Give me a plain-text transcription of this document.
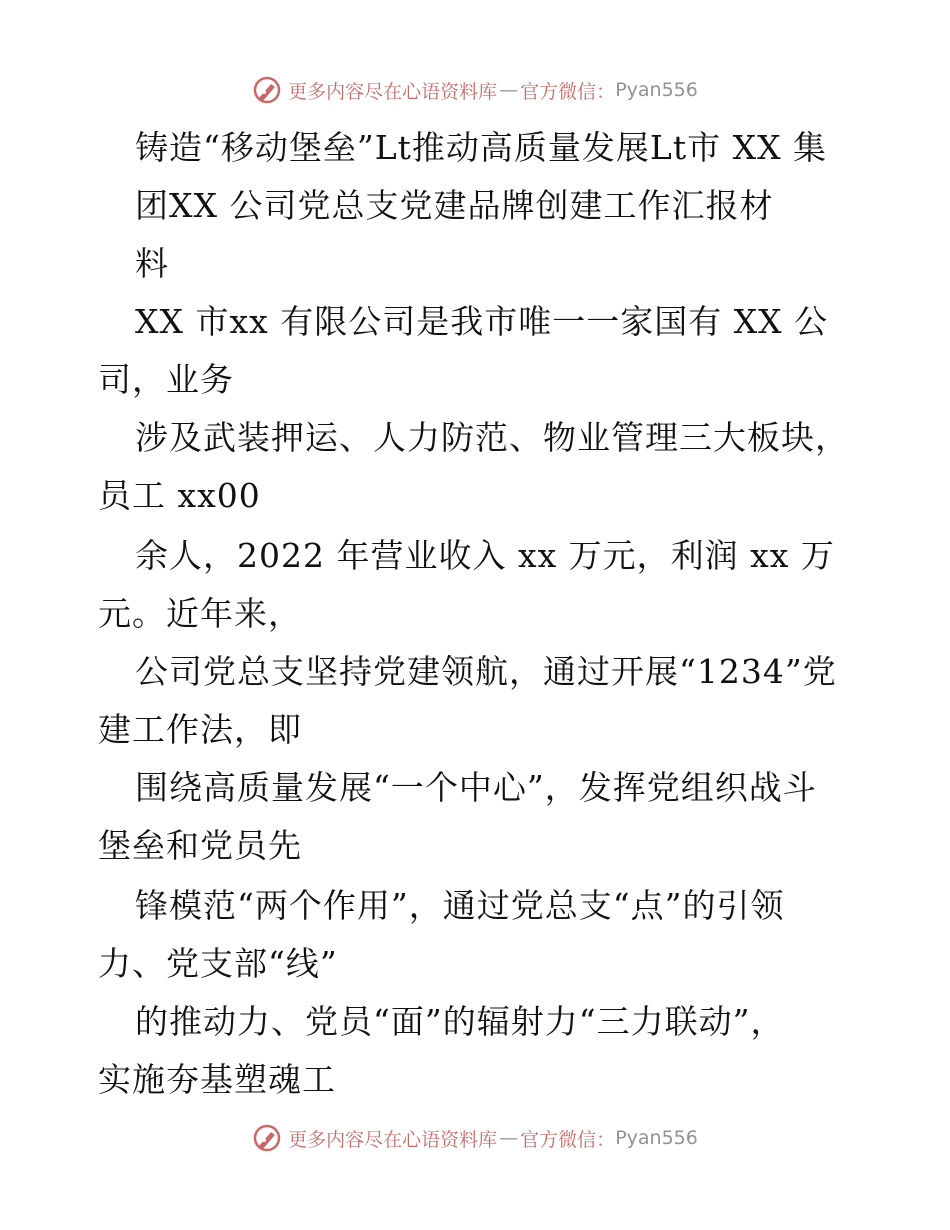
更多内容尽在心语资料库 — 官方微信： Pyan556
铸造“移动堡垒”Lt推动高质量发展Lt市 XX 集
团XX 公司党总支党建品牌创建工作汇报材
料
XX 市xx 有限公司是我市唯一一家国有 XX 公
司，业务
涉及武装押运、人力防范、物业管理三大板块，
员工 xx00
余人，2022 年营业收入 xx 万元，利润 xx 万
元。近年来，
公司党总支坚持党建领航，通过开展“1234”党
建工作法，即
围绕高质量发展“一个中心”，发挥党组织战斗
堡垒和党员先
锋模范“两个作用”，通过党总支“点”的引领
力、党支部“线”
的推动力、党员“面”的辐射力“三力联动”，
实施夯基塑魂工
更多内容尽在心语资料库 — 官方微信： Pyan556
